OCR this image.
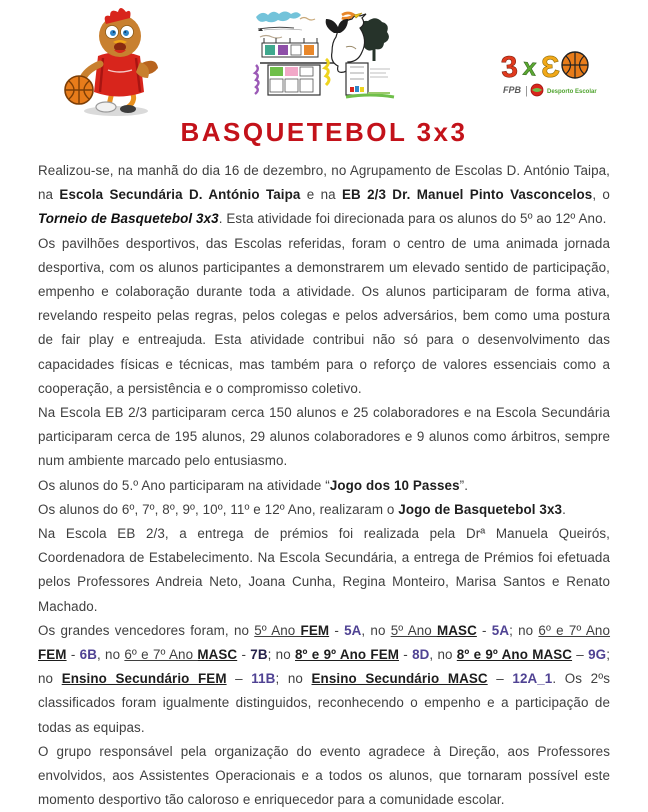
3 x Ɛ
FPB |	Desporto Escolar
BASQUETEBOL 3x3

Realizou-se, na manhã do dia 16 de dezembro, no Agrupamento de Escolas D. António Taipa, na Escola Secundária D. António Taipa e na EB 2/3 Dr. Manuel Pinto Vasconcelos, o Torneio de Basquetebol 3x3. Esta atividade foi direcionada para os alunos do 5º ao 12º Ano.

Os pavilhões desportivos, das Escolas referidas, foram o centro de uma animada jornada desportiva, com os alunos participantes a demonstrarem um elevado sentido de participação, empenho e colaboração durante toda a atividade. Os alunos participaram de forma ativa, revelando respeito pelas regras, pelos colegas e pelos adversários, bem como uma postura de fair play e entreajuda. Esta atividade contribui não só para o desenvolvimento das capacidades físicas e técnicas, mas também para o reforço de valores essenciais como a cooperação, a persistência e o compromisso coletivo.

Na Escola EB 2/3 participaram cerca 150 alunos e 25 colaboradores e na Escola Secundária participaram cerca de 195 alunos, 29 alunos colaboradores e 9 alunos como árbitros, sempre num ambiente marcado pelo entusiasmo.

Os alunos do 5.º Ano participaram na atividade “Jogo dos 10 Passes”.

Os alunos do 6º, 7º, 8º, 9º, 10º, 11º e 12º Ano, realizaram o Jogo de Basquetebol 3x3.

Na Escola EB 2/3, a entrega de prémios foi realizada pela Drª Manuela Queirós, Coordenadora de Estabelecimento. Na Escola Secundária, a entrega de Prémios foi efetuada pelos Professores Andreia Neto, Joana Cunha, Regina Monteiro, Marisa Santos e Renato Machado.

Os grandes vencedores foram, no 5º Ano FEM - 5A, no 5º Ano MASC - 5A; no 6º e 7º Ano FEM - 6B, no 6º e 7º Ano MASC - 7B; no 8º e 9º Ano FEM - 8D, no 8º e 9º Ano MASC – 9G; no Ensino Secundário FEM – 11B; no Ensino Secundário MASC – 12A_1. Os 2ºs classificados foram igualmente distinguidos, reconhecendo o empenho e a participação de todas as equipas.

O grupo responsável pela organização do evento agradece à Direção, aos Professores envolvidos, aos Assistentes Operacionais e a todos os alunos, que tornaram possível este momento desportivo tão caloroso e enriquecedor para a comunidade escolar.
